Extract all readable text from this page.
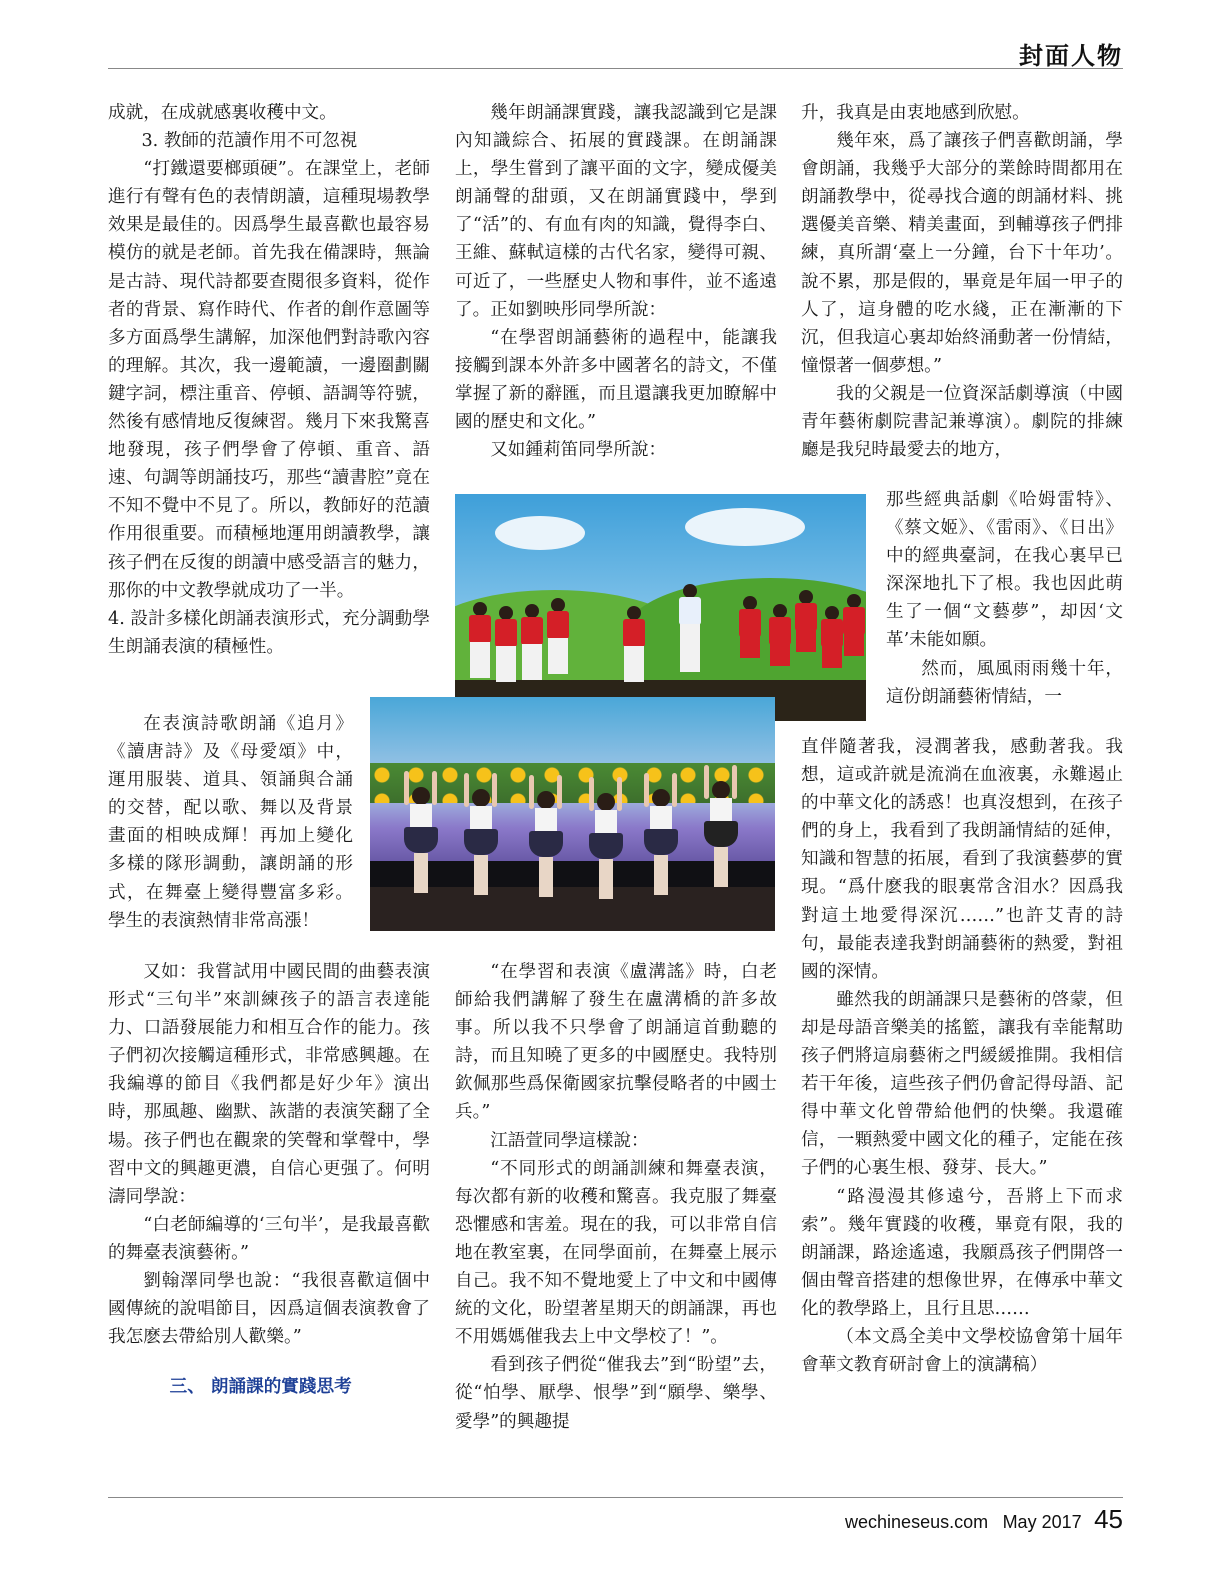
封面人物

成就，在成就感裏收穫中文。

3. 教師的范讀作用不可忽視

“打鐵還要榔頭硬”。在課堂上，老師進行有聲有色的表情朗讀，這種現場教學效果是最佳的。因爲學生最喜歡也最容易模仿的就是老師。首先我在備課時，無論是古詩、現代詩都要查閱很多資料，從作者的背景、寫作時代、作者的創作意圖等多方面爲學生講解，加深他們對詩歌內容的理解。其次，我一邊範讀，一邊圈劃關鍵字詞，標注重音、停頓、語調等符號，然後有感情地反復練習。幾月下來我驚喜地發現，孩子們學會了停頓、重音、語速、句調等朗誦技巧，那些“讀書腔”竟在不知不覺中不見了。所以，教師好的范讀作用很重要。而積極地運用朗讀教學，讓孩子們在反復的朗讀中感受語言的魅力，那你的中文教學就成功了一半。

4. 設計多樣化朗誦表演形式，充分調動學生朗誦表演的積極性。

在表演詩歌朗誦《追月》《讀唐詩》及《母愛頌》中，運用服裝、道具、領誦與合誦的交替，配以歌、舞以及背景畫面的相映成輝！再加上變化多樣的隊形調動，讓朗誦的形式，在舞臺上變得豐富多彩。學生的表演熱情非常高漲！

又如：我嘗試用中國民間的曲藝表演形式“三句半”來訓練孩子的語言表達能力、口語發展能力和相互合作的能力。孩子們初次接觸這種形式，非常感興趣。在我編導的節目《我們都是好少年》演出時，那風趣、幽默、詼諧的表演笑翻了全場。孩子們也在觀衆的笑聲和掌聲中，學習中文的興趣更濃，自信心更强了。何明濤同學說：

“白老師編導的‘三句半’，是我最喜歡的舞臺表演藝術。”

劉翰澤同學也說：“我很喜歡這個中國傳統的說唱節目，因爲這個表演教會了我怎麽去帶給別人歡樂。”

三、 朗誦課的實踐思考

幾年朗誦課實踐，讓我認識到它是課內知識綜合、拓展的實踐課。在朗誦課上，學生嘗到了讓平面的文字，變成優美朗誦聲的甜頭，又在朗誦實踐中，學到了“活”的、有血有肉的知識，覺得李白、王維、蘇軾這樣的古代名家，變得可親、可近了，一些歷史人物和事件，並不遙遠了。正如劉映彤同學所說：

“在學習朗誦藝術的過程中，能讓我接觸到課本外許多中國著名的詩文，不僅掌握了新的辭匯，而且還讓我更加瞭解中國的歷史和文化。”

又如鍾莉笛同學所說：

“在學習和表演《盧溝謠》時，白老師給我們講解了發生在盧溝橋的許多故事。所以我不只學會了朗誦這首動聽的詩，而且知曉了更多的中國歷史。我特別欽佩那些爲保衛國家抗擊侵略者的中國士兵。”

江語萱同學這樣說：

“不同形式的朗誦訓練和舞臺表演，每次都有新的收穫和驚喜。我克服了舞臺恐懼感和害羞。現在的我，可以非常自信地在教室裏，在同學面前，在舞臺上展示自己。我不知不覺地愛上了中文和中國傳統的文化，盼望著星期天的朗誦課，再也不用媽媽催我去上中文學校了！”。

看到孩子們從“催我去”到“盼望”去，從“怕學、厭學、恨學”到“願學、樂學、愛學”的興趣提

升，我真是由衷地感到欣慰。

幾年來，爲了讓孩子們喜歡朗誦，學會朗誦，我幾乎大部分的業餘時間都用在朗誦教學中，從尋找合適的朗誦材料、挑選優美音樂、精美畫面，到輔導孩子們排練，真所謂‘臺上一分鐘，台下十年功’。說不累，那是假的，畢竟是年屆一甲子的人了，這身體的吃水綫，正在漸漸的下沉，但我這心裏却始終涌動著一份情結，憧憬著一個夢想。”

我的父親是一位資深話劇導演（中國青年藝術劇院書記兼導演）。劇院的排練廳是我兒時最愛去的地方，

那些經典話劇《哈姆雷特》、《蔡文姬》、《雷雨》、《日出》中的經典臺詞，在我心裏早已深深地扎下了根。我也因此萌生了一個“文藝夢”，却因‘文革’未能如願。

然而，風風雨雨幾十年，這份朗誦藝術情結，一

直伴隨著我，浸潤著我，感動著我。我想，這或許就是流淌在血液裏，永難遏止的中華文化的誘惑！也真沒想到，在孩子們的身上，我看到了我朗誦情結的延伸，知識和智慧的拓展，看到了我演藝夢的實現。“爲什麽我的眼裏常含泪水？因爲我對這土地愛得深沉……”也許艾青的詩句，最能表達我對朗誦藝術的熱愛，對祖國的深情。

雖然我的朗誦課只是藝術的啓蒙，但却是母語音樂美的搖籃，讓我有幸能幫助孩子們將這扇藝術之門緩緩推開。我相信若干年後，這些孩子們仍會記得母語、記得中華文化曾帶給他們的快樂。我還確信，一顆熱愛中國文化的種子，定能在孩子們的心裏生根、發芽、長大。”

“路漫漫其修遠兮，吾將上下而求索”。幾年實踐的收穫，畢竟有限，我的朗誦課，路途遙遠，我願爲孩子們開啓一個由聲音搭建的想像世界，在傳承中華文化的教學路上，且行且思……

（本文爲全美中文學校協會第十屆年會華文教育研討會上的演講稿）

wechineseus.com May 2017 45
